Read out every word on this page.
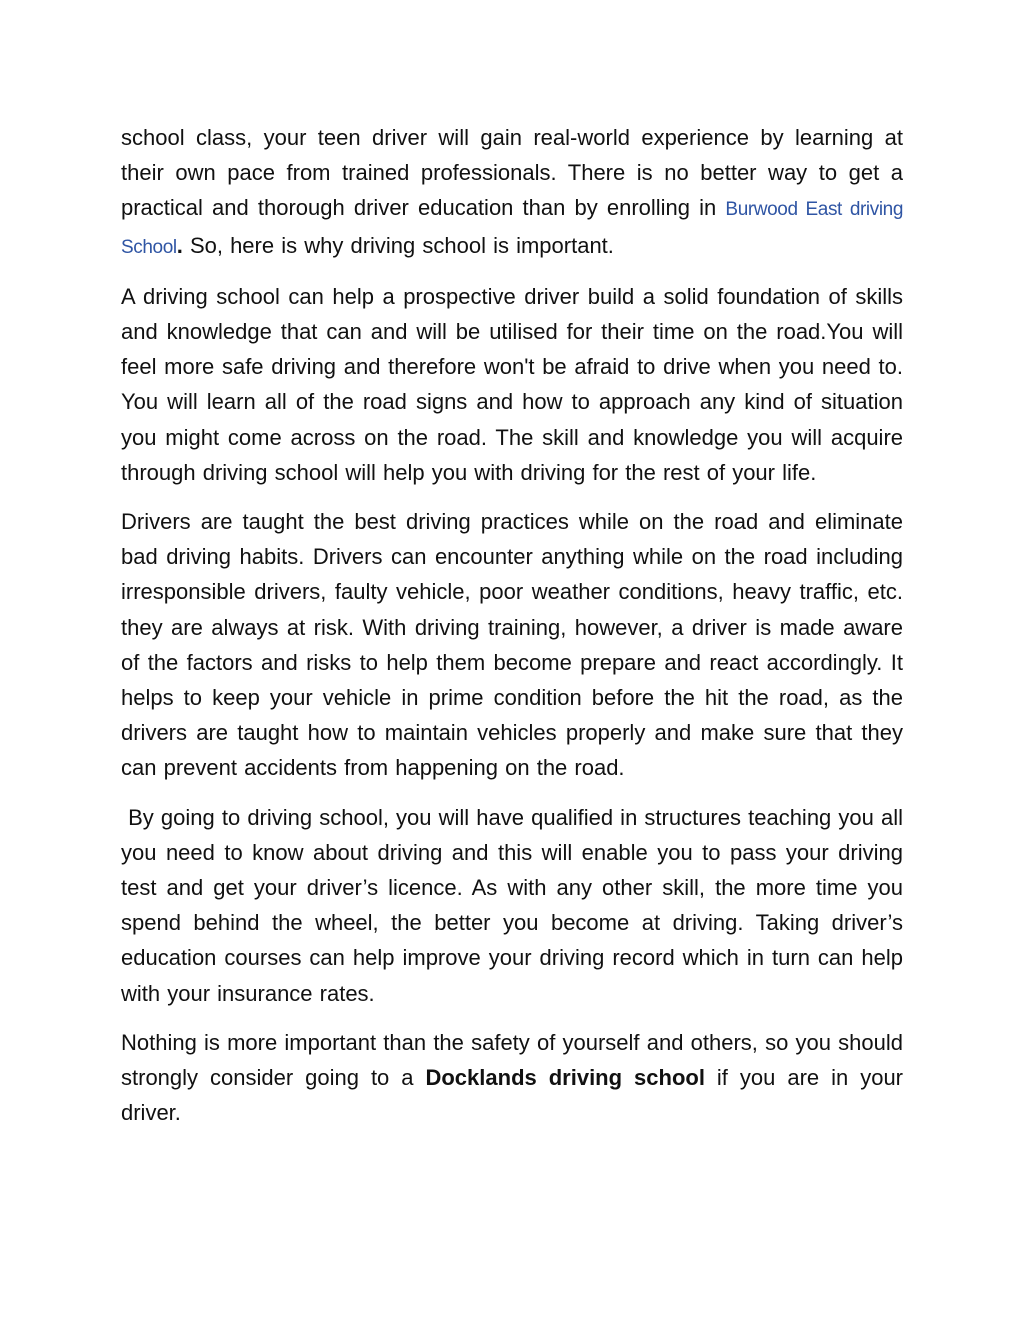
school class, your teen driver will gain real-world experience by learning at their own pace from trained professionals. There is no better way to get a practical and thorough driver education than by enrolling in Burwood East driving School. So, here is why driving school is important.

A driving school can help a prospective driver build a solid foundation of skills and knowledge that can and will be utilised for their time on the road.You will feel more safe driving and therefore won't be afraid to drive when you need to. You will learn all of the road signs and how to approach any kind of situation you might come across on the road. The skill and knowledge you will acquire through driving school will help you with driving for the rest of your life.

Drivers are taught the best driving practices while on the road and eliminate bad driving habits. Drivers can encounter anything while on the road including irresponsible drivers, faulty vehicle, poor weather conditions, heavy traffic, etc. they are always at risk. With driving training, however, a driver is made aware of the factors and risks to help them become prepare and react accordingly. It helps to keep your vehicle in prime condition before the hit the road, as the drivers are taught how to maintain vehicles properly and make sure that they can prevent accidents from happening on the road.

By going to driving school, you will have qualified in structures teaching you all you need to know about driving and this will enable you to pass your driving test and get your driver’s licence. As with any other skill, the more time you spend behind the wheel, the better you become at driving. Taking driver’s education courses can help improve your driving record which in turn can help with your insurance rates.

Nothing is more important than the safety of yourself and others, so you should strongly consider going to a Docklands driving school if you are in your driver.
